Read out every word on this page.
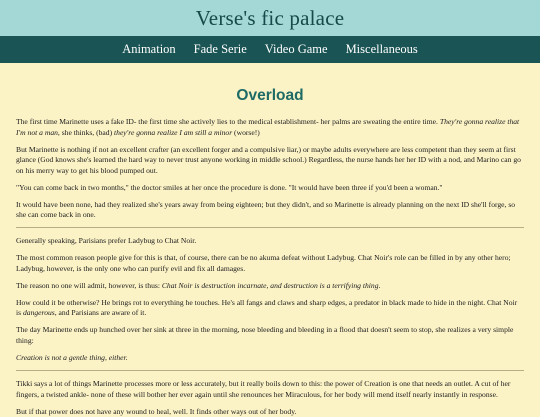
Verse's fic palace
Animation Fade Serie Video Game Miscellaneous
Overload

The first time Marinette uses a fake ID- the first time she actively lies to the medical establishment- her palms are sweating the entire time. They're gonna realize that I'm not a man, she thinks, (bad) they're gonna realize I am still a minor (worse!)

But Marinette is nothing if not an excellent crafter (an excellent forger and a compulsive liar,) or maybe adults everywhere are less competent than they seem at first glance (God knows she's learned the hard way to never trust anyone working in middle school.) Regardless, the nurse hands her her ID with a nod, and Marino can go on his merry way to get his blood pumped out.

"You can come back in two months," the doctor smiles at her once the procedure is done. "It would have been three if you'd been a woman."

It would have been none, had they realized she's years away from being eighteen; but they didn't, and so Marinette is already planning on the next ID she'll forge, so she can come back in one.

Generally speaking, Parisians prefer Ladybug to Chat Noir.

The most common reason people give for this is that, of course, there can be no akuma defeat without Ladybug. Chat Noir's role can be filled in by any other hero; Ladybug, however, is the only one who can purify evil and fix all damages.

The reason no one will admit, however, is thus: Chat Noir is destruction incarnate, and destruction is a terrifying thing.

How could it be otherwise? He brings rot to everything he touches. He's all fangs and claws and sharp edges, a predator in black made to hide in the night. Chat Noir is dangerous, and Parisians are aware of it.

The day Marinette ends up hunched over her sink at three in the morning, nose bleeding and bleeding in a flood that doesn't seem to stop, she realizes a very simple thing:

Creation is not a gentle thing, either.

Tikki says a lot of things Marinette processes more or less accurately, but it really boils down to this: the power of Creation is one that needs an outlet. A cut of her fingers, a twisted ankle- none of these will bother her ever again until she renounces her Miraculous, for her body will mend itself nearly instantly in response.

But if that power does not have any wound to heal, well. It finds other ways out of her body.
